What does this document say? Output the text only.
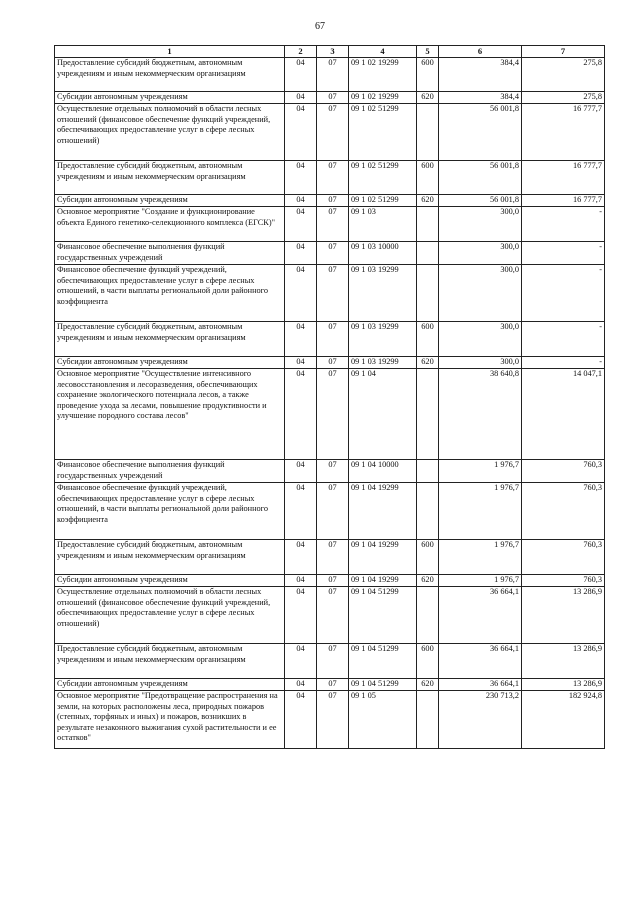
67
1	2	3	4	5	6	7
Предоставление субсидий бюджетным, автономным учреждениям и иным некоммерческим организациям	04	07	09 1 02 19299	600	384,4	275,8
Субсидии автономным учреждениям	04	07	09 1 02 19299	620	384,4	275,8
Осуществление отдельных полномочий в области лесных отношений (финансовое обеспечение функций учреждений, обеспечивающих предоставление услуг в сфере лесных отношений)	04	07	09 1 02 51299		56 001,8	16 777,7
Предоставление субсидий бюджетным, автономным учреждениям и иным некоммерческим организациям	04	07	09 1 02 51299	600	56 001,8	16 777,7
Субсидии автономным учреждениям	04	07	09 1 02 51299	620	56 001,8	16 777,7
Основное мероприятие "Создание и функционирование объекта Единого генетико-селекционного комплекса (ЕГСК)"	04	07	09 1 03		300,0	-
Финансовое обеспечение выполнения функций государственных учреждений	04	07	09 1 03 10000		300,0	-
Финансовое обеспечение функций учреждений, обеспечивающих предоставление услуг в сфере лесных отношений, в части выплаты региональной доли районного коэффициента	04	07	09 1 03 19299		300,0	-
Предоставление субсидий бюджетным, автономным учреждениям и иным некоммерческим организациям	04	07	09 1 03 19299	600	300,0	-
Субсидии автономным учреждениям	04	07	09 1 03 19299	620	300,0	-
Основное мероприятие "Осуществление интенсивного лесовосстановления и лесоразведения, обеспечивающих сохранение экологического потенциала лесов, а также проведение ухода за лесами, повышение продуктивности и улучшение породного состава лесов"	04	07	09 1 04		38 640,8	14 047,1
Финансовое обеспечение выполнения функций государственных учреждений	04	07	09 1 04 10000		1 976,7	760,3
Финансовое обеспечение функций учреждений, обеспечивающих предоставление услуг в сфере лесных отношений, в части выплаты региональной доли районного коэффициента	04	07	09 1 04 19299		1 976,7	760,3
Предоставление субсидий бюджетным, автономным учреждениям и иным некоммерческим организациям	04	07	09 1 04 19299	600	1 976,7	760,3
Субсидии автономным учреждениям	04	07	09 1 04 19299	620	1 976,7	760,3
Осуществление отдельных полномочий в области лесных отношений (финансовое обеспечение функций учреждений, обеспечивающих предоставление услуг в сфере лесных отношений)	04	07	09 1 04 51299		36 664,1	13 286,9
Предоставление субсидий бюджетным, автономным учреждениям и иным некоммерческим организациям	04	07	09 1 04 51299	600	36 664,1	13 286,9
Субсидии автономным учреждениям	04	07	09 1 04 51299	620	36 664,1	13 286,9
Основное мероприятие "Предотвращение распространения на земли, на которых расположены леса, природных пожаров (степных, торфяных и иных) и пожаров, возникших в результате незаконного выжигания сухой растительности и ее остатков"	04	07	09 1 05		230 713,2	182 924,8
